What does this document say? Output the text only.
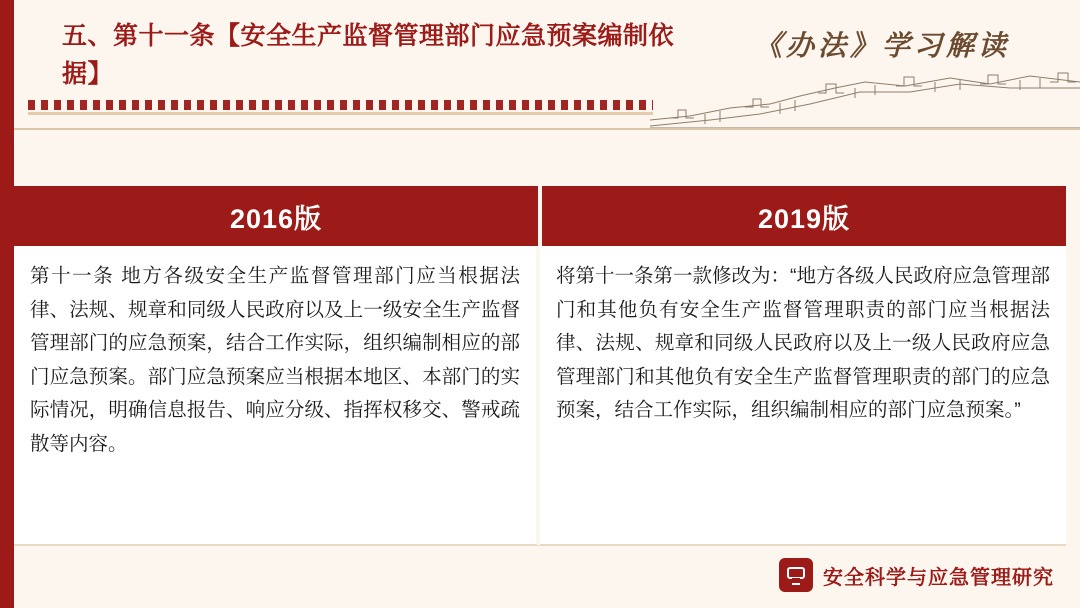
五、第十一条【安全生产监督管理部门应急预案编制依据】
《办法》学习解读
2016版	2019版
第十一条 地方各级安全生产监督管理部门应当根据法律、法规、规章和同级人民政府以及上一级安全生产监督管理部门的应急预案，结合工作实际，组织编制相应的部门应急预案。部门应急预案应当根据本地区、本部门的实际情况，明确信息报告、响应分级、指挥权移交、警戒疏散等内容。
将第十一条第一款修改为：“地方各级人民政府应急管理部门和其他负有安全生产监督管理职责的部门应当根据法律、法规、规章和同级人民政府以及上一级人民政府应急管理部门和其他负有安全生产监督管理职责的部门的应急预案，结合工作实际，组织编制相应的部门应急预案。”
安全科学与应急管理研究
